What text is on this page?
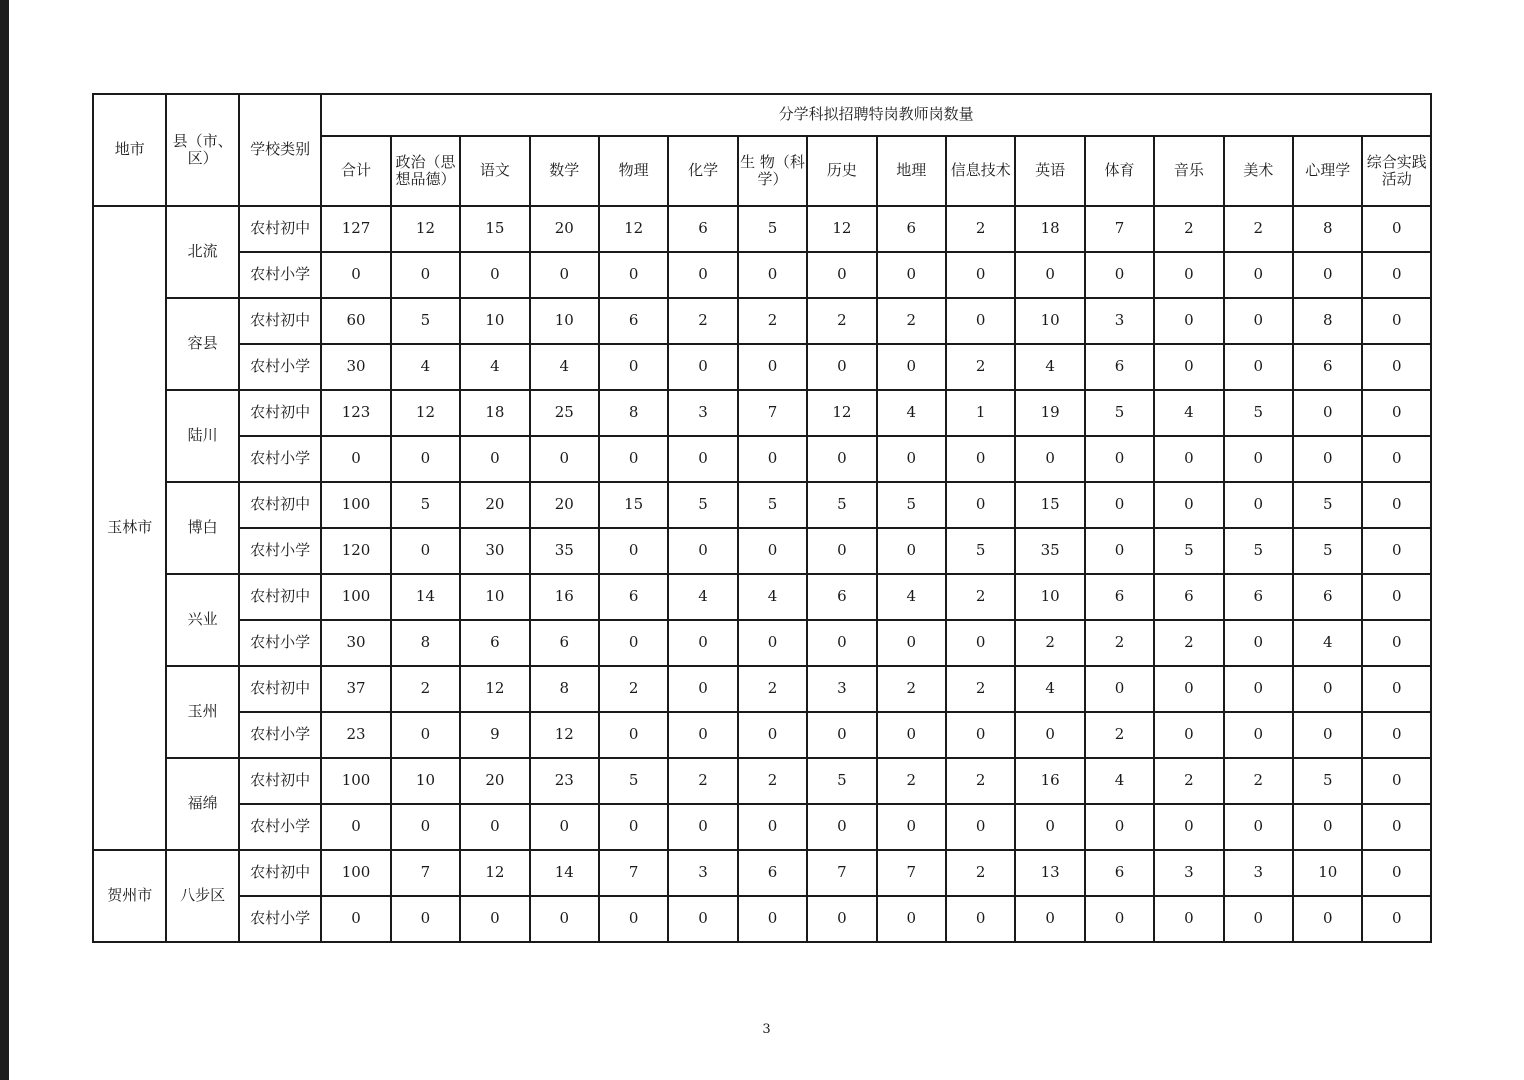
地市	县（市、区）	学校类别	分学科拟招聘特岗教师岗数量															
			合计	政治（思想品德）	语文	数学	物理	化学	生 物（科学）	历史	地理	信息技术	英语	体育	音乐	美术	心理学	综合实践活动
玉林市	北流	农村初中	127	12	15	20	12	6	5	12	6	2	18	7	2	2	8	0
		农村小学	0	0	0	0	0	0	0	0	0	0	0	0	0	0	0	0
	容县	农村初中	60	5	10	10	6	2	2	2	2	0	10	3	0	0	8	0
		农村小学	30	4	4	4	0	0	0	0	0	2	4	6	0	0	6	0
	陆川	农村初中	123	12	18	25	8	3	7	12	4	1	19	5	4	5	0	0
		农村小学	0	0	0	0	0	0	0	0	0	0	0	0	0	0	0	0
	博白	农村初中	100	5	20	20	15	5	5	5	5	0	15	0	0	0	5	0
		农村小学	120	0	30	35	0	0	0	0	0	5	35	0	5	5	5	0
	兴业	农村初中	100	14	10	16	6	4	4	6	4	2	10	6	6	6	6	0
		农村小学	30	8	6	6	0	0	0	0	0	0	2	2	2	0	4	0
	玉州	农村初中	37	2	12	8	2	0	2	3	2	2	4	0	0	0	0	0
		农村小学	23	0	9	12	0	0	0	0	0	0	0	2	0	0	0	0
	福绵	农村初中	100	10	20	23	5	2	2	5	2	2	16	4	2	2	5	0
		农村小学	0	0	0	0	0	0	0	0	0	0	0	0	0	0	0	0
贺州市	八步区	农村初中	100	7	12	14	7	3	6	7	7	2	13	6	3	3	10	0
		农村小学	0	0	0	0	0	0	0	0	0	0	0	0	0	0	0	0
3
